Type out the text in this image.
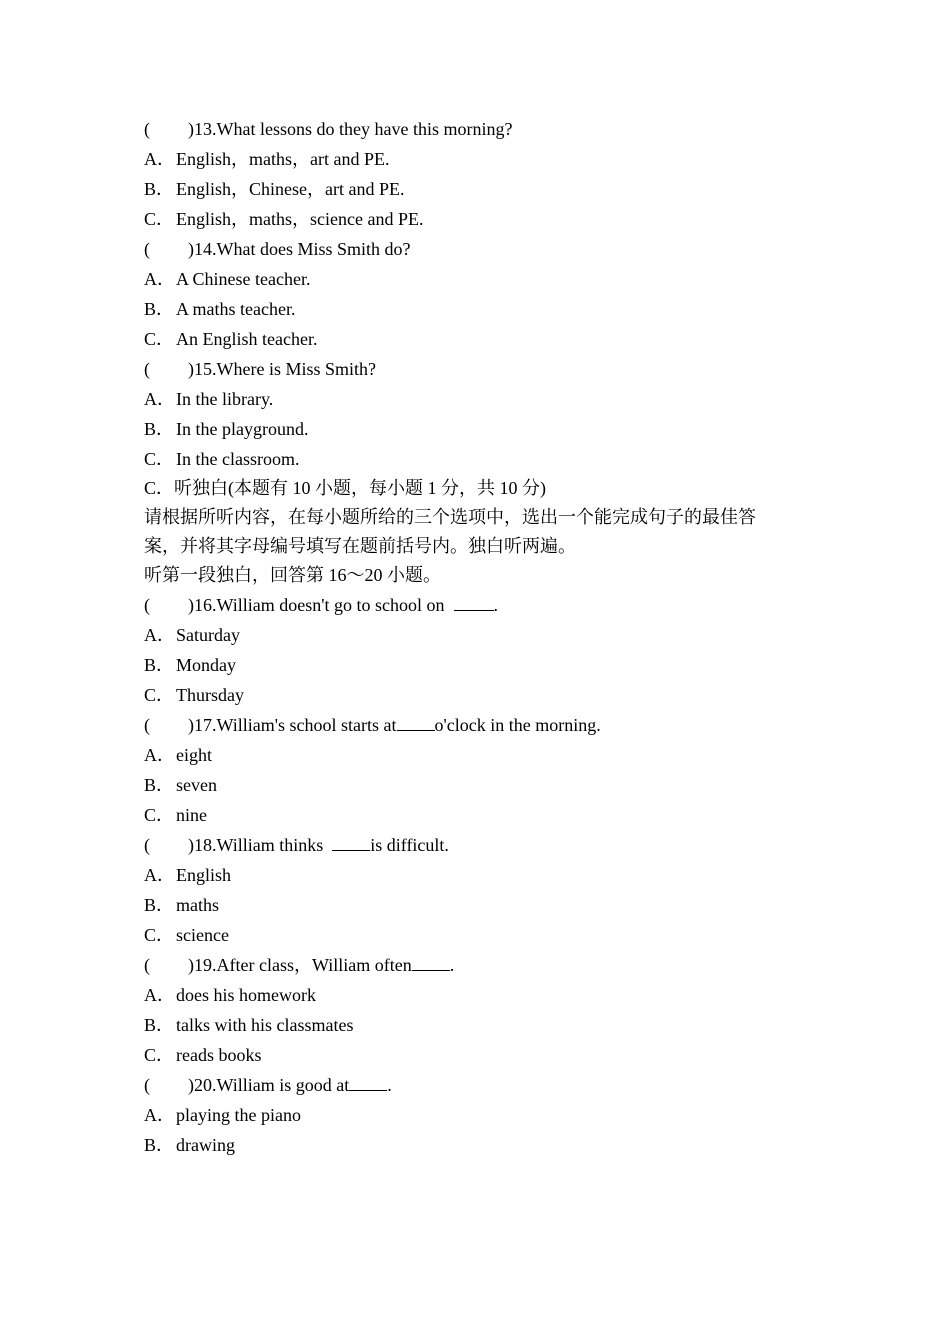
( )13.What lessons do they have this morning?
A．English，maths，art and PE.
B． English，Chinese，art and PE.
C． English，maths，science and PE.
( )14.What does Miss Smith do?
A．A Chinese teacher.
B． A maths teacher.
C． An English teacher.
( )15.Where is Miss Smith?
A．In the library.
B． In the playground.
C． In the classroom.
C．听独白(本题有 10 小题，每小题 1 分，共 10 分)
请根据所听内容，在每小题所给的三个选项中，选出一个能完成句子的最佳答
案，并将其字母编号填写在题前括号内。独白听两遍。
听第一段独白，回答第 16～20 小题。
( )16.William doesn't go to school on  .
A．Saturday
B． Monday
C． Thursday
( )17.William's school starts at o'clock in the morning.
A．eight
B． seven
C． nine
( )18.William thinks  is difficult.
A．English
B． maths
C． science
( )19.After class，William often .
A．does his homework
B． talks with his classmates
C． reads books
( )20.William is good at .
A．playing the piano
B． drawing
